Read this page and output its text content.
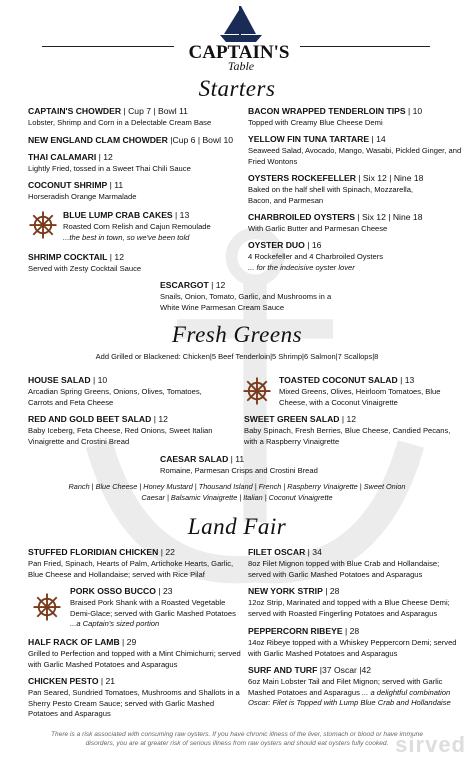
CAPTAIN'S
Table
Starters
CAPTAIN'S CHOWDER | Cup 7 | Bowl 11
Lobster, Shrimp and Corn in a Delectable Cream Base
NEW ENGLAND CLAM CHOWDER |Cup 6 | Bowl 10
THAI CALAMARI | 12
Lightly Fried, tossed in a Sweet Thai Chili Sauce
COCONUT SHRIMP | 11
Horseradish Orange Marmalade
BLUE LUMP CRAB CAKES | 13
Roasted Corn Relish and Cajun Remoulade
...the best in town, so we've been told
SHRIMP COCKTAIL | 12
Served with Zesty Cocktail Sauce
BACON WRAPPED TENDERLOIN TIPS | 10
Topped with Creamy Blue Cheese Demi
YELLOW FIN TUNA TARTARE | 14
Seaweed Salad, Avocado, Mango, Wasabi, Pickled Ginger, and Fried Wontons
OYSTERS ROCKEFELLER | Six 12 | Nine 18
Baked on the half shell with Spinach, Mozzarella, Bacon, and Parmesan
CHARBROILED OYSTERS | Six 12 | Nine 18
With Garlic Butter and Parmesan Cheese
OYSTER DUO | 16
4 Rockefeller and 4 Charbroiled Oysters
... for the indecisive oyster lover
ESCARGOT | 12
Snails, Onion, Tomato, Garlic, and Mushrooms in a White Wine Parmesan Cream Sauce
Fresh Greens
Add Grilled or Blackened: Chicken|5 Beef Tenderloin|5 Shrimp|6 Salmon|7 Scallops|8
HOUSE SALAD | 10
Arcadian Spring Greens, Onions, Olives, Tomatoes, Carrots and Feta Cheese
RED AND GOLD BEET SALAD | 12
Baby Iceberg, Feta Cheese, Red Onions, Sweet Italian Vinaigrette and Crostini Bread
TOASTED COCONUT SALAD | 13
Mixed Greens, Olives, Heirloom Tomatoes, Blue Cheese, with a Coconut Vinaigrette
SWEET GREEN SALAD | 12
Baby Spinach, Fresh Berries, Blue Cheese, Candied Pecans, with a Raspberry Vinaigrette
CAESAR SALAD | 11
Romaine, Parmesan Crisps and Crostini Bread
Ranch | Blue Cheese | Honey Mustard | Thousand Island | French | Raspberry Vinaigrette | Sweet Onion
Caesar | Balsamic Vinaigrette | Italian | Coconut Vinaigrette
Land Fair
STUFFED FLORIDIAN CHICKEN | 22
Pan Fried, Spinach, Hearts of Palm, Artichoke Hearts, Garlic, Blue Cheese and Hollandaise; served with Rice Pilaf
PORK OSSO BUCCO | 23
Braised Pork Shank with a Roasted Vegetable Demi-Glace; served with Garlic Mashed Potatoes ...a Captain's sized portion
HALF RACK OF LAMB | 29
Grilled to Perfection and topped with a Mint Chimichurri; served with Garlic Mashed Potatoes and Asparagus
CHICKEN PESTO | 21
Pan Seared, Sundried Tomatoes, Mushrooms and Shallots in a Sherry Pesto Cream Sauce; served with Garlic Mashed Potatoes and Asparagus
FILET OSCAR | 34
8oz Filet Mignon topped with Blue Crab and Hollandaise; served with Garlic Mashed Potatoes and Asparagus
NEW YORK STRIP | 28
12oz Strip, Marinated and topped with a Blue Cheese Demi; served with Roasted Fingerling Potatoes and Asparagus
PEPPERCORN RIBEYE | 28
14oz Ribeye topped with a Whiskey Peppercorn Demi; served with Garlic Mashed Potatoes and Asparagus
SURF AND TURF |37 Oscar |42
6oz Main Lobster Tail and Filet Mignon; served with Garlic Mashed Potatoes and Asparagus ... a delightful combination Oscar: Filet is Topped with Lump Blue Crab and Hollandaise
There is a risk associated with consuming raw oysters. If you have chronic illness of the liver, stomach or blood or have immune disorders, you are at greater risk of serious illness from raw oysters and should eat oysters fully cooked. sirved
